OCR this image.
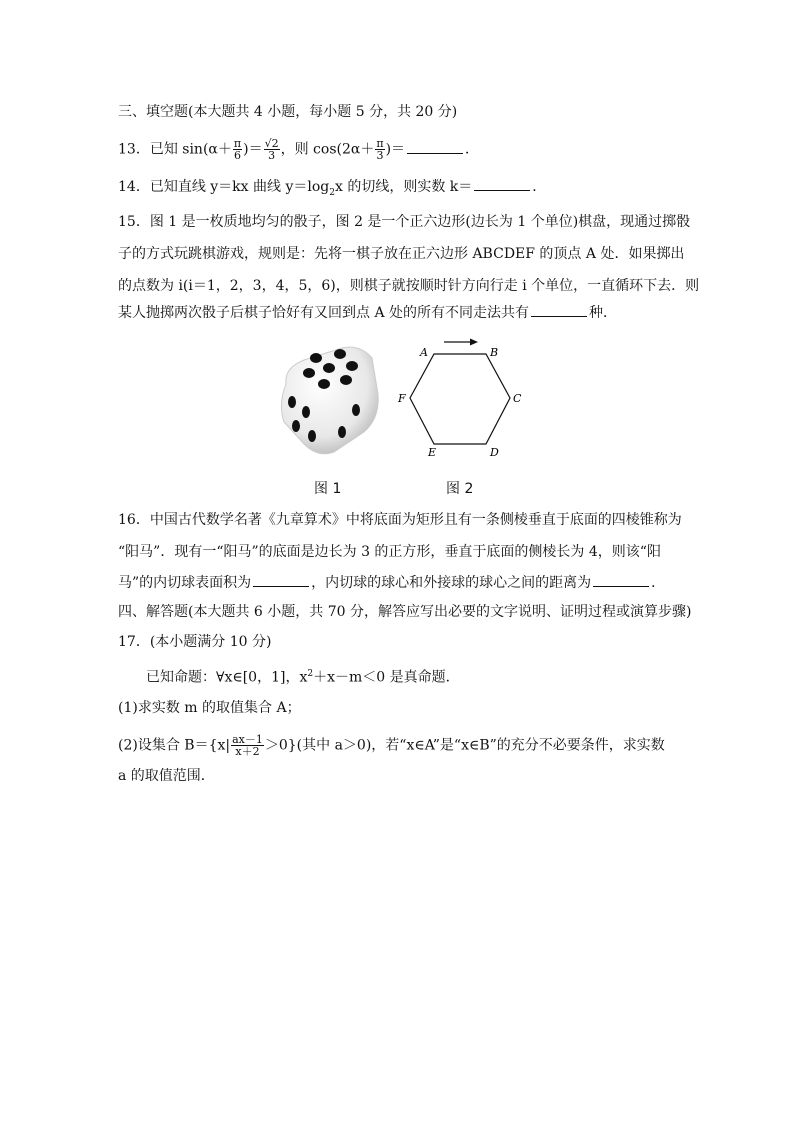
三、填空题(本大题共 4 小题，每小题 5 分，共 20 分)
13．已知 $\sin(\alpha+ \frac{\pi}{6}$ )＝ $\frac{√2}{3}$ ，则 $\cos(2\alpha+ \frac{\pi}{3}$ )＝	．
14．已知直线 y＝kx 曲线 $y=\log_2x$ 的切线，则实数 k＝	．
15．图 1 是一枚质地均匀的骰子，图 2 是一个正六边形(边长为 1 个单位)棋盘，现通过掷骰
子的方式玩跳棋游戏，规则是：先将一棋子放在正六边形 ABCDEF 的顶点 A 处．如果掷出
的点数为 i(i＝1，2，3，4，5，6)，则棋子就按顺时针方向行走 i 个单位，一直循环下去．则
某人抛掷两次骰子后棋子恰好有又回到点 A 处的所有不同走法共有	种．
A	B
C
D
E
F
图 1	图 2
16．中国古代数学名著《九章算术》中将底面为矩形且有一条侧棱垂直于底面的四棱锥称为
“阳马”．现有一“阳马”的底面是边长为 3 的正方形，垂直于底面的侧棱长为 4，则该“阳
马”的内切球表面积为	，内切球的球心和外接球的球心之间的距离为	．
四、解答题(本大题共 6 小题，共 70 分，解答应写出必要的文字说明、证明过程或演算步骤)
17．(本小题满分 10 分)
已知命题：∀x∈[0，1]，$x^2+x-m<0$ 是真命题．
(1)求实数 m 的取值集合 A；
(2)设集合 $B=\{x| \frac{ax-1}{x+2} >0\}$(其中 a＞0)，若“x∈A”是“x∈B”的充分不必要条件，求实数
a 的取值范围．
